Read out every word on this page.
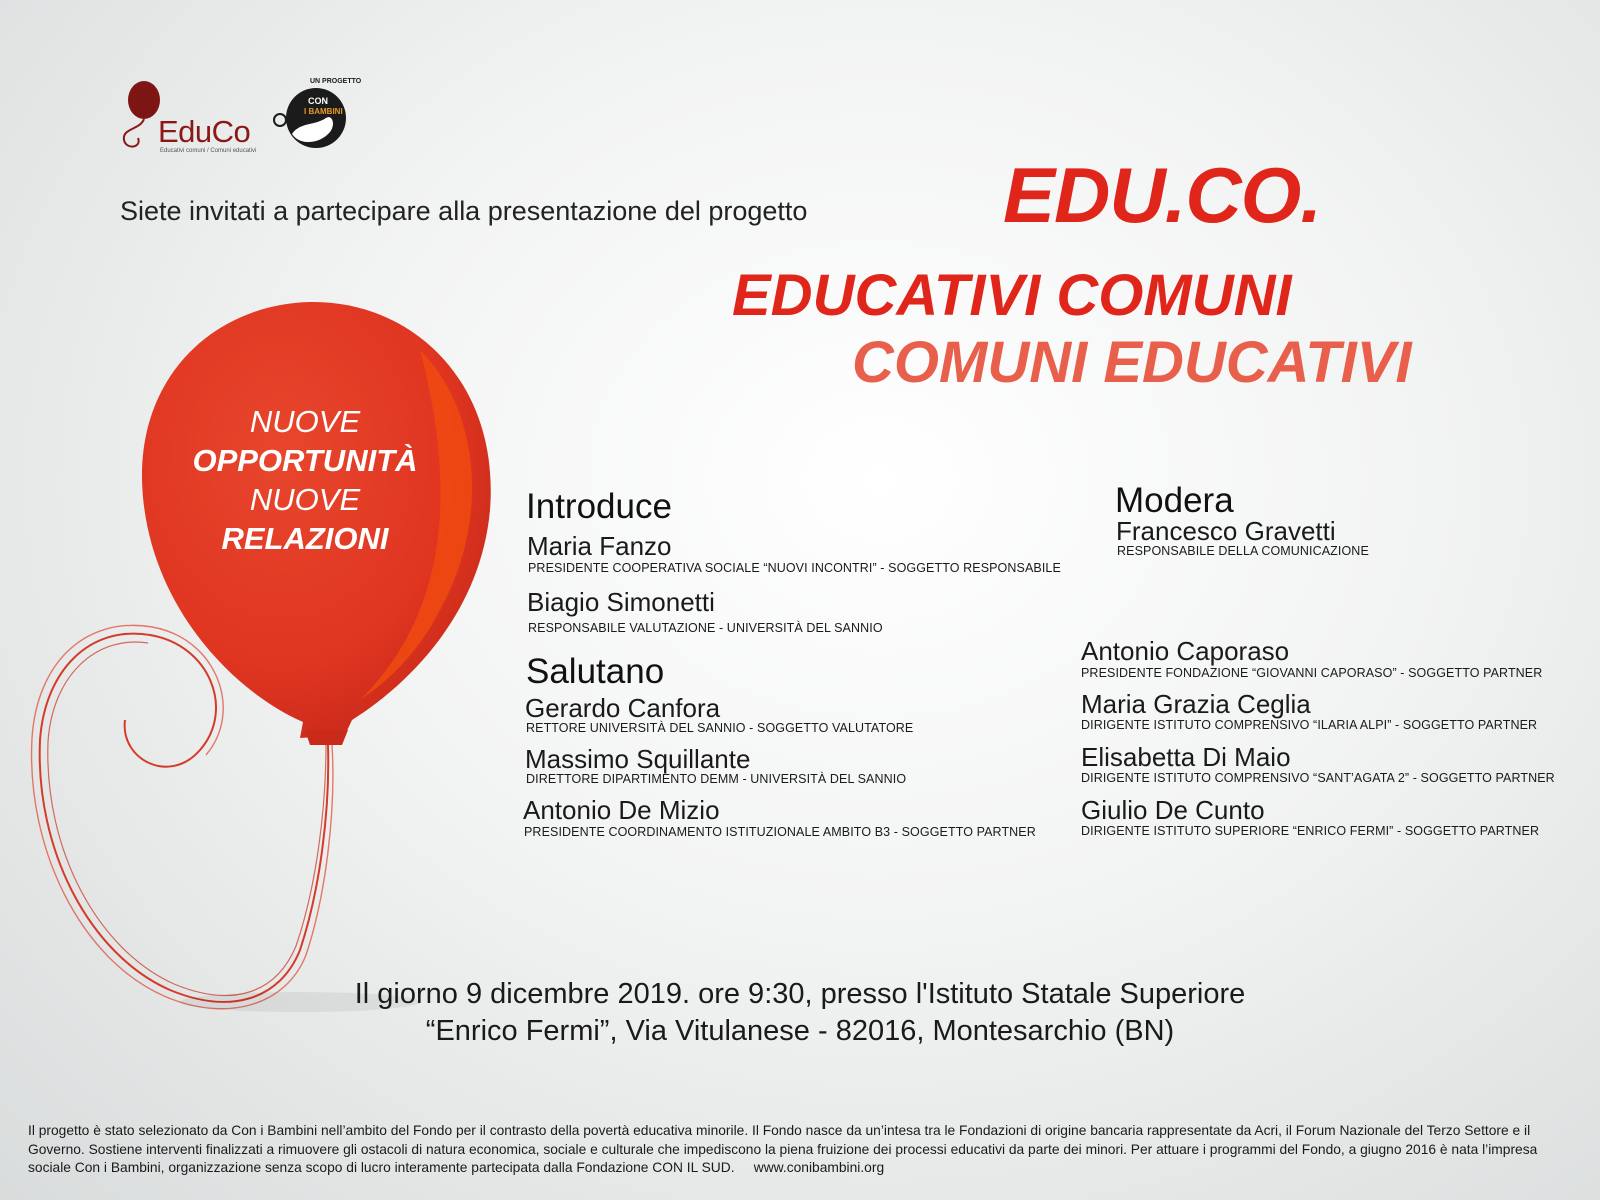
EduCo
Educativi comuni / Comuni educativi
UN PROGETTO
CON
I BAMBINI
Siete invitati a partecipare alla presentazione del progetto	EDU.CO.
EDUCATIVI COMUNI
COMUNI EDUCATIVI
NUOVE
OPPORTUNITÀ
NUOVE
RELAZIONI
Introduce
Maria Fanzo
PRESIDENTE COOPERATIVA SOCIALE “NUOVI INCONTRI” - SOGGETTO RESPONSABILE
Biagio Simonetti
RESPONSABILE VALUTAZIONE - UNIVERSITÀ DEL SANNIO
Modera
Francesco Gravetti
RESPONSABILE DELLA COMUNICAZIONE
Salutano
Gerardo Canfora
RETTORE UNIVERSITÀ DEL SANNIO - SOGGETTO VALUTATORE
Massimo Squillante
DIRETTORE DIPARTIMENTO DEMM - UNIVERSITÀ DEL SANNIO
Antonio De Mizio
PRESIDENTE COORDINAMENTO ISTITUZIONALE AMBITO B3 - SOGGETTO PARTNER
Antonio Caporaso
PRESIDENTE FONDAZIONE “GIOVANNI CAPORASO” - SOGGETTO PARTNER
Maria Grazia Ceglia
DIRIGENTE ISTITUTO COMPRENSIVO “ILARIA ALPI” - SOGGETTO PARTNER
Elisabetta Di Maio
DIRIGENTE ISTITUTO COMPRENSIVO “SANT’AGATA 2” - SOGGETTO PARTNER
Giulio De Cunto
DIRIGENTE ISTITUTO SUPERIORE “ENRICO FERMI” - SOGGETTO PARTNER
Il giorno 9 dicembre 2019. ore 9:30, presso l'Istituto Statale Superiore
“Enrico Fermi”, Via Vitulanese - 82016, Montesarchio (BN)
Il progetto è stato selezionato da Con i Bambini nell’ambito del Fondo per il contrasto della povertà educativa minorile. Il Fondo nasce da un’intesa tra le Fondazioni di origine bancaria rappresentate da Acri, il Forum Nazionale del Terzo Settore e il Governo. Sostiene interventi finalizzati a rimuovere gli ostacoli di natura economica, sociale e culturale che impediscono la piena fruizione dei processi educativi da parte dei minori. Per attuare i programmi del Fondo, a giugno 2016 è nata l’impresa sociale Con i Bambini, organizzazione senza scopo di lucro interamente partecipata dalla Fondazione CON IL SUD. www.conibambini.org
